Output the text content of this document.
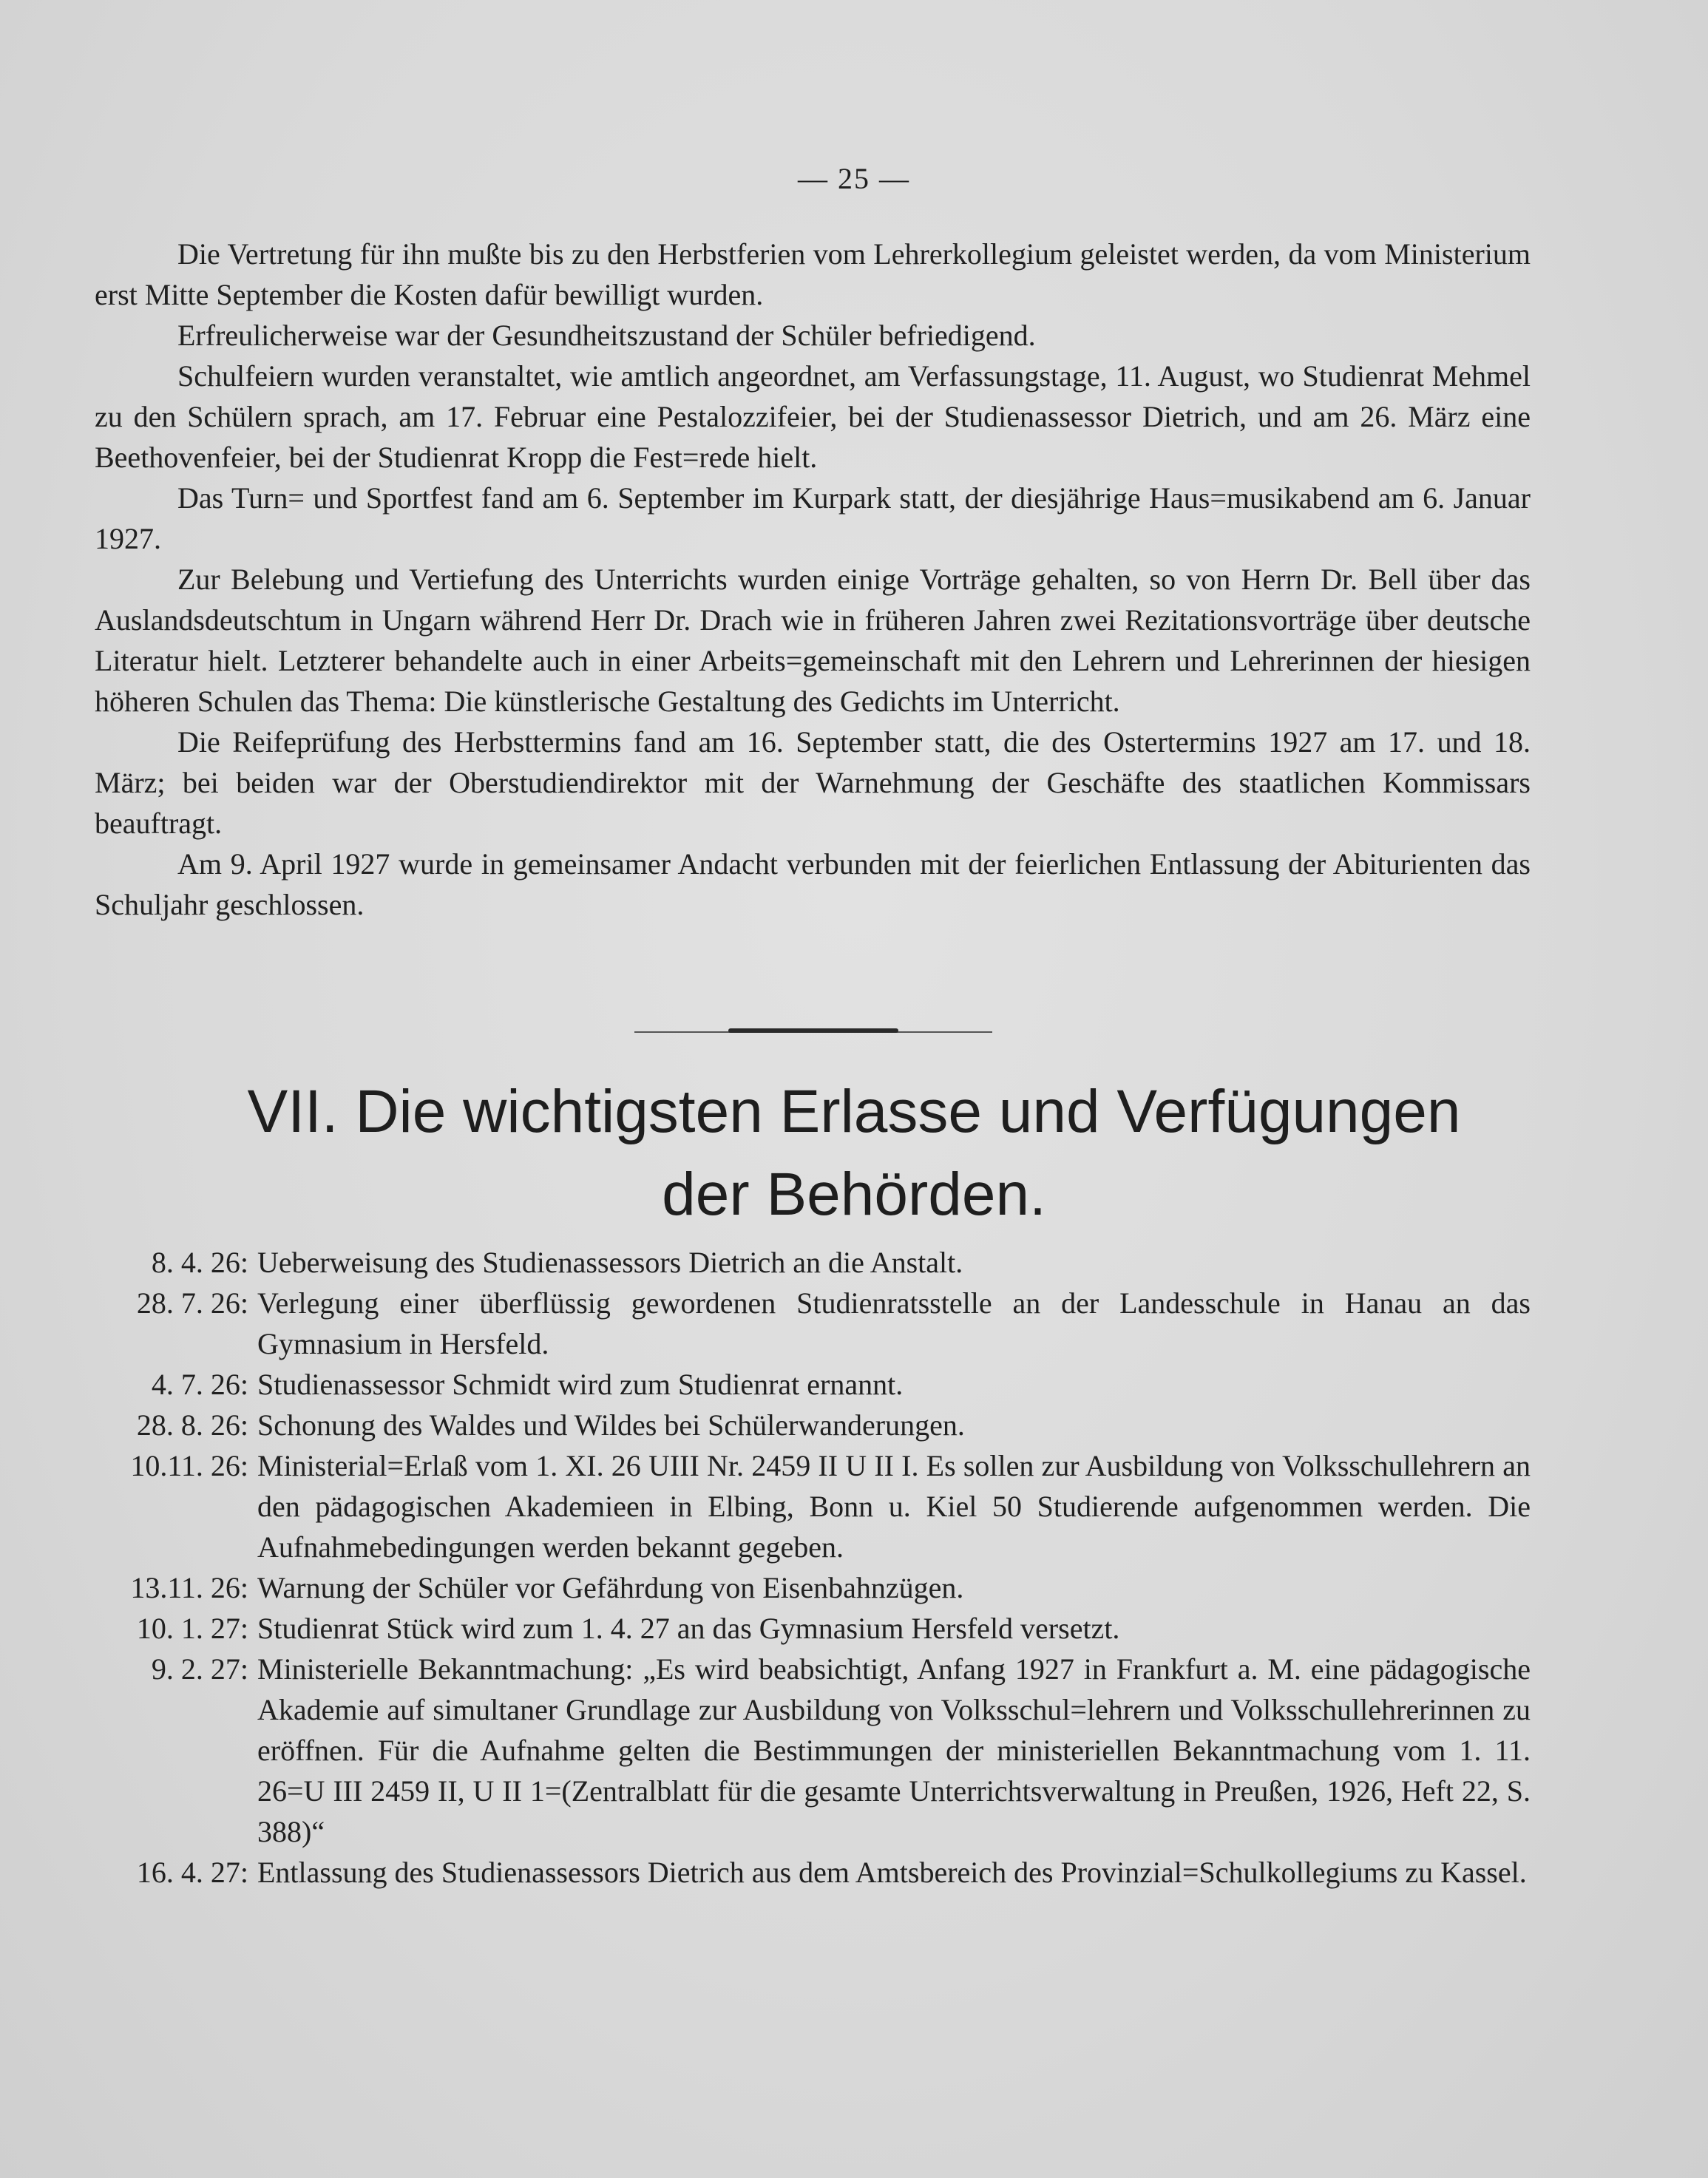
— 25 —

Die Vertretung für ihn mußte bis zu den Herbstferien vom Lehrerkollegium geleistet werden, da vom Ministerium erst Mitte September die Kosten dafür bewilligt wurden.

Erfreulicherweise war der Gesundheitszustand der Schüler befriedigend.

Schulfeiern wurden veranstaltet, wie amtlich angeordnet, am Verfassungstage, 11. August, wo Studienrat Mehmel zu den Schülern sprach, am 17. Februar eine Pestalozzifeier, bei der Studienassessor Dietrich, und am 26. März eine Beethovenfeier, bei der Studienrat Kropp die Fest=rede hielt.

Das Turn= und Sportfest fand am 6. September im Kurpark statt, der diesjährige Haus=musikabend am 6. Januar 1927.

Zur Belebung und Vertiefung des Unterrichts wurden einige Vorträge gehalten, so von Herrn Dr. Bell über das Auslandsdeutschtum in Ungarn während Herr Dr. Drach wie in früheren Jahren zwei Rezitationsvorträge über deutsche Literatur hielt. Letzterer behandelte auch in einer Arbeits=gemeinschaft mit den Lehrern und Lehrerinnen der hiesigen höheren Schulen das Thema: Die künstlerische Gestaltung des Gedichts im Unterricht.

Die Reifeprüfung des Herbsttermins fand am 16. September statt, die des Ostertermins 1927 am 17. und 18. März; bei beiden war der Oberstudiendirektor mit der Warnehmung der Geschäfte des staatlichen Kommissars beauftragt.

Am 9. April 1927 wurde in gemeinsamer Andacht verbunden mit der feierlichen Entlassung der Abiturienten das Schuljahr geschlossen.

VII. Die wichtigsten Erlasse und Verfügungen
der Behörden.
8. 4. 26: Ueberweisung des Studienassessors Dietrich an die Anstalt.
28. 7. 26: Verlegung einer überflüssig gewordenen Studienratsstelle an der Landesschule in Hanau an das Gymnasium in Hersfeld.
4. 7. 26: Studienassessor Schmidt wird zum Studienrat ernannt.
28. 8. 26: Schonung des Waldes und Wildes bei Schülerwanderungen.
10.11. 26: Ministerial=Erlaß vom 1. XI. 26 UIII Nr. 2459 II U II I. Es sollen zur Ausbildung von Volksschullehrern an den pädagogischen Akademieen in Elbing, Bonn u. Kiel 50 Studierende aufgenommen werden. Die Aufnahmebedingungen werden bekannt gegeben.
13.11. 26: Warnung der Schüler vor Gefährdung von Eisenbahnzügen.
10. 1. 27: Studienrat Stück wird zum 1. 4. 27 an das Gymnasium Hersfeld versetzt.
9. 2. 27: Ministerielle Bekanntmachung: „Es wird beabsichtigt, Anfang 1927 in Frankfurt a. M. eine pädagogische Akademie auf simultaner Grundlage zur Ausbildung von Volksschul=lehrern und Volksschullehrerinnen zu eröffnen. Für die Aufnahme gelten die Bestimmungen der ministeriellen Bekanntmachung vom 1. 11. 26=U III 2459 II, U II 1=(Zentralblatt für die gesamte Unterrichtsverwaltung in Preußen, 1926, Heft 22, S. 388)“
16. 4. 27: Entlassung des Studienassessors Dietrich aus dem Amtsbereich des Provinzial=Schulkollegiums zu Kassel.
